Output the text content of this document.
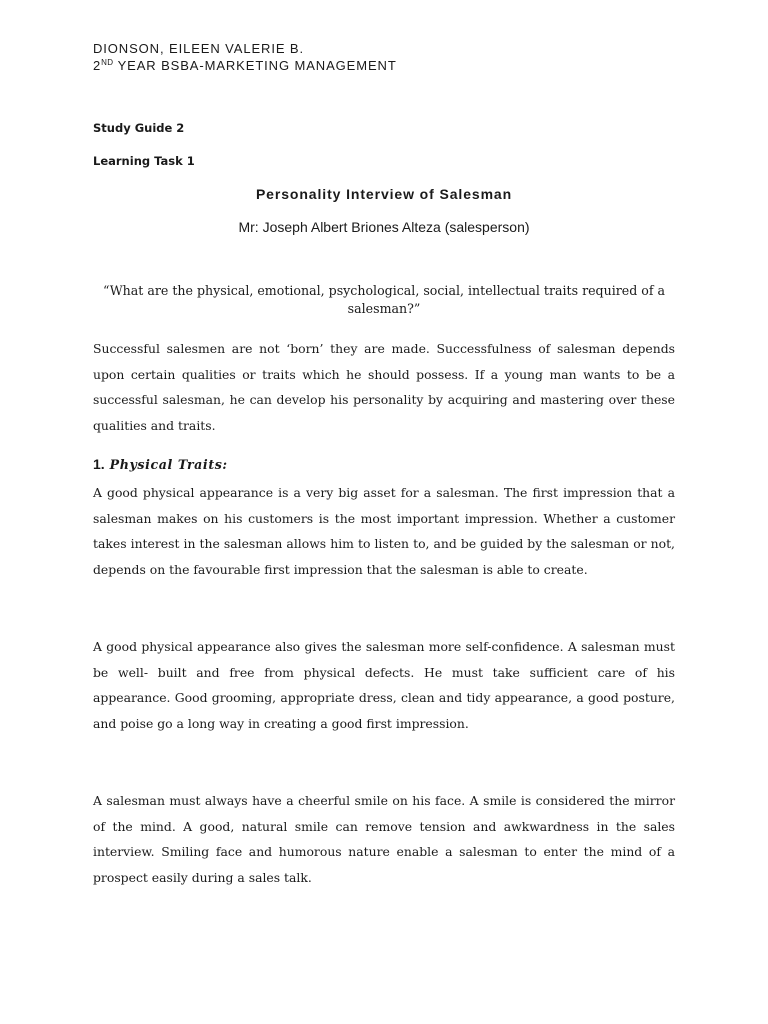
DIONSON, EILEEN VALERIE B.
2ND YEAR BSBA-MARKETING MANAGEMENT
Study Guide 2
Learning Task 1
Personality Interview of Salesman
Mr: Joseph Albert Briones Alteza (salesperson)
“What are the physical, emotional, psychological, social, intellectual traits required of a salesman?”

Successful salesmen are not ‘born’ they are made. Successfulness of salesman depends upon certain qualities or traits which he should possess. If a young man wants to be a successful salesman, he can develop his personality by acquiring and mastering over these qualities and traits.

1. Physical Traits:

A good physical appearance is a very big asset for a salesman. The first impression that a salesman makes on his customers is the most important impression. Whether a customer takes interest in the salesman allows him to listen to, and be guided by the salesman or not, depends on the favourable first impression that the salesman is able to create.

A good physical appearance also gives the salesman more self-confidence. A salesman must be well- built and free from physical defects. He must take sufficient care of his appearance. Good grooming, appropriate dress, clean and tidy appearance, a good posture, and poise go a long way in creating a good first impression.

A salesman must always have a cheerful smile on his face. A smile is considered the mirror of the mind. A good, natural smile can remove tension and awkwardness in the sales interview. Smiling face and humorous nature enable a salesman to enter the mind of a prospect easily during a sales talk.
